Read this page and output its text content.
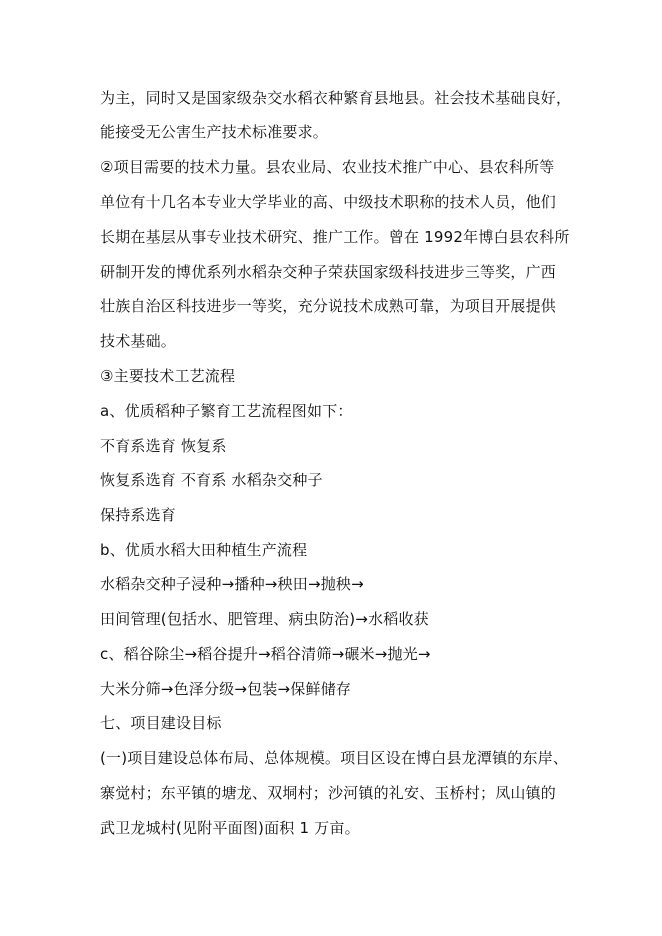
为主，同时又是国家级杂交水稻衣种繁育县地县。社会技术基础良好，
能接受无公害生产技术标准要求。
②项目需要的技术力量。县农业局、农业技术推广中心、县农科所等
单位有十几名本专业大学毕业的高、中级技术职称的技术人员，他们
长期在基层从事专业技术研究、推广工作。曾在 1992年博白县农科所
研制开发的博优系列水稻杂交种子荣获国家级科技进步三等奖，广西
壮族自治区科技进步一等奖，充分说技术成熟可靠，为项目开展提供
技术基础。
③主要技术工艺流程
a、优质稻种子繁育工艺流程图如下：
不育系选育 恢复系
恢复系选育 不育系 水稻杂交种子
保持系选育
b、优质水稻大田种植生产流程
水稻杂交种子浸种→播种→秧田→抛秧→
田间管理(包括水、肥管理、病虫防治)→水稻收获
c、稻谷除尘→稻谷提升→稻谷清筛→碾米→抛光→
大米分筛→色泽分级→包装→保鲜储存
七、项目建设目标
(一)项目建设总体布局、总体规模。项目区设在博白县龙潭镇的东岸、
寨觉村；东平镇的塘龙、双垌村；沙河镇的礼安、玉桥村；凤山镇的
武卫龙城村(见附平面图)面积 1 万亩。
